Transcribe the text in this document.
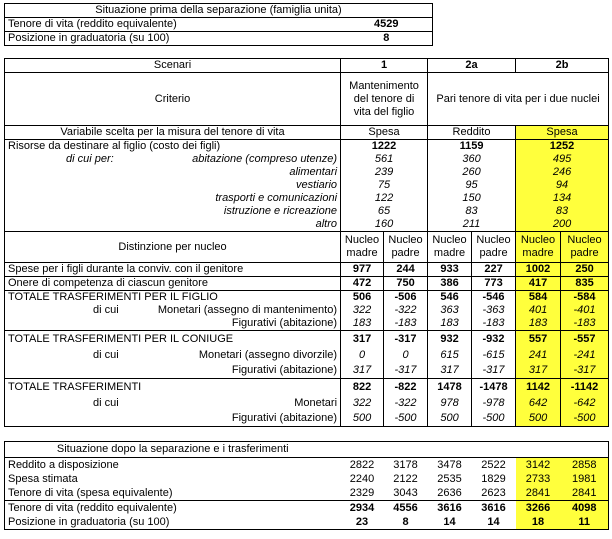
Situazione prima della separazione (famiglia unita)	
Tenore di vita (reddito equivalente)	4529
Posizione in graduatoria (su 100)	8
Scenari		1		2a		2b	
Criterio		Mantenimento del tenore di vita del figlio		Pari tenore di vita per i due nuclei			
Variabile scelta per la misura del tenore di vita		Spesa		Reddito		Spesa	
Risorse da destinare al figlio (costo dei figli)		1222		1159		1252	
di cui per: abitazione (compreso utenze)		561		360		495	
alimentari		239		260		246	
vestiario		75		95		94	
trasporti e comunicazioni		122		150		134	
istruzione e ricreazione		65		83		83	
altro		160		211		200	
Distinzione per nucleo		Nucleo madre	Nucleo padre	Nucleo madre	Nucleo padre	Nucleo madre	Nucleo padre
Spese per i figli durante la conviv. con il genitore		977	244	933	227	1002	250
Onere di competenza di ciascun genitore		472	750	386	773	417	835
TOTALE TRASFERIMENTI PER IL FIGLIO		506	-506	546	-546	584	-584
di cui	Monetari (assegno di mantenimento)	322	-322	363	-363	401	-401
	Figurativi (abitazione)	183	-183	183	-183	183	-183
TOTALE TRASFERIMENTI PER IL CONIUGE		317	-317	932	-932	557	-557
di cui	Monetari (assegno divorzile)	0	0	615	-615	241	-241
	Figurativi (abitazione)	317	-317	317	-317	317	-317
TOTALE TRASFERIMENTI		822	-822	1478	-1478	1142	-1142
di cui	Monetari	322	-322	978	-978	642	-642
	Figurativi (abitazione)	500	-500	500	-500	500	-500
Situazione dopo la separazione e i trasferimenti						
Reddito a disposizione	2822	3178	3478	2522	3142	2858
Spesa stimata	2240	2122	2535	1829	2733	1981
Tenore di vita (spesa equivalente)	2329	3043	2636	2623	2841	2841
Tenore di vita (reddito equivalente)	2934	4556	3616	3616	3266	4098
Posizione in graduatoria (su 100)	23	8	14	14	18	11
